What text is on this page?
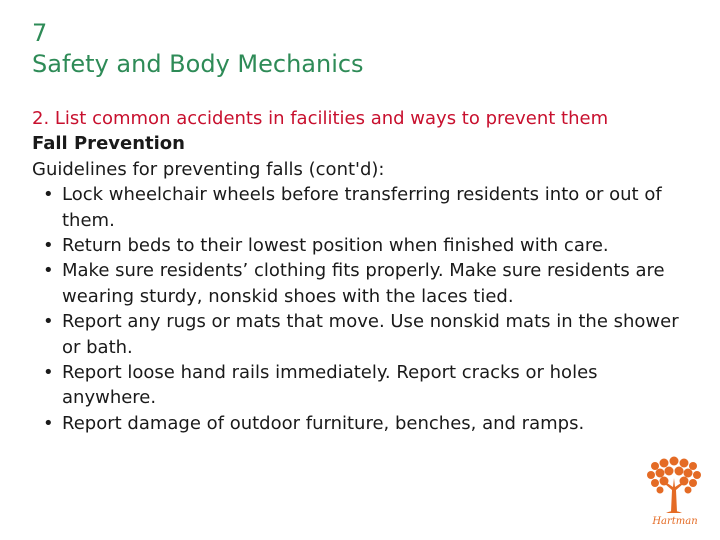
7
Safety and Body Mechanics
2. List common accidents in facilities and ways to prevent them
Fall Prevention
Guidelines for preventing falls (cont'd):
• Lock wheelchair wheels before transferring residents into or out of them.
• Return beds to their lowest position when finished with care.
• Make sure residents’ clothing fits properly. Make sure residents are wearing sturdy, nonskid shoes with the laces tied.
• Report any rugs or mats that move. Use nonskid mats in the shower or bath.
• Report loose hand rails immediately. Report cracks or holes anywhere.
• Report damage of outdoor furniture, benches, and ramps.
Hartman
